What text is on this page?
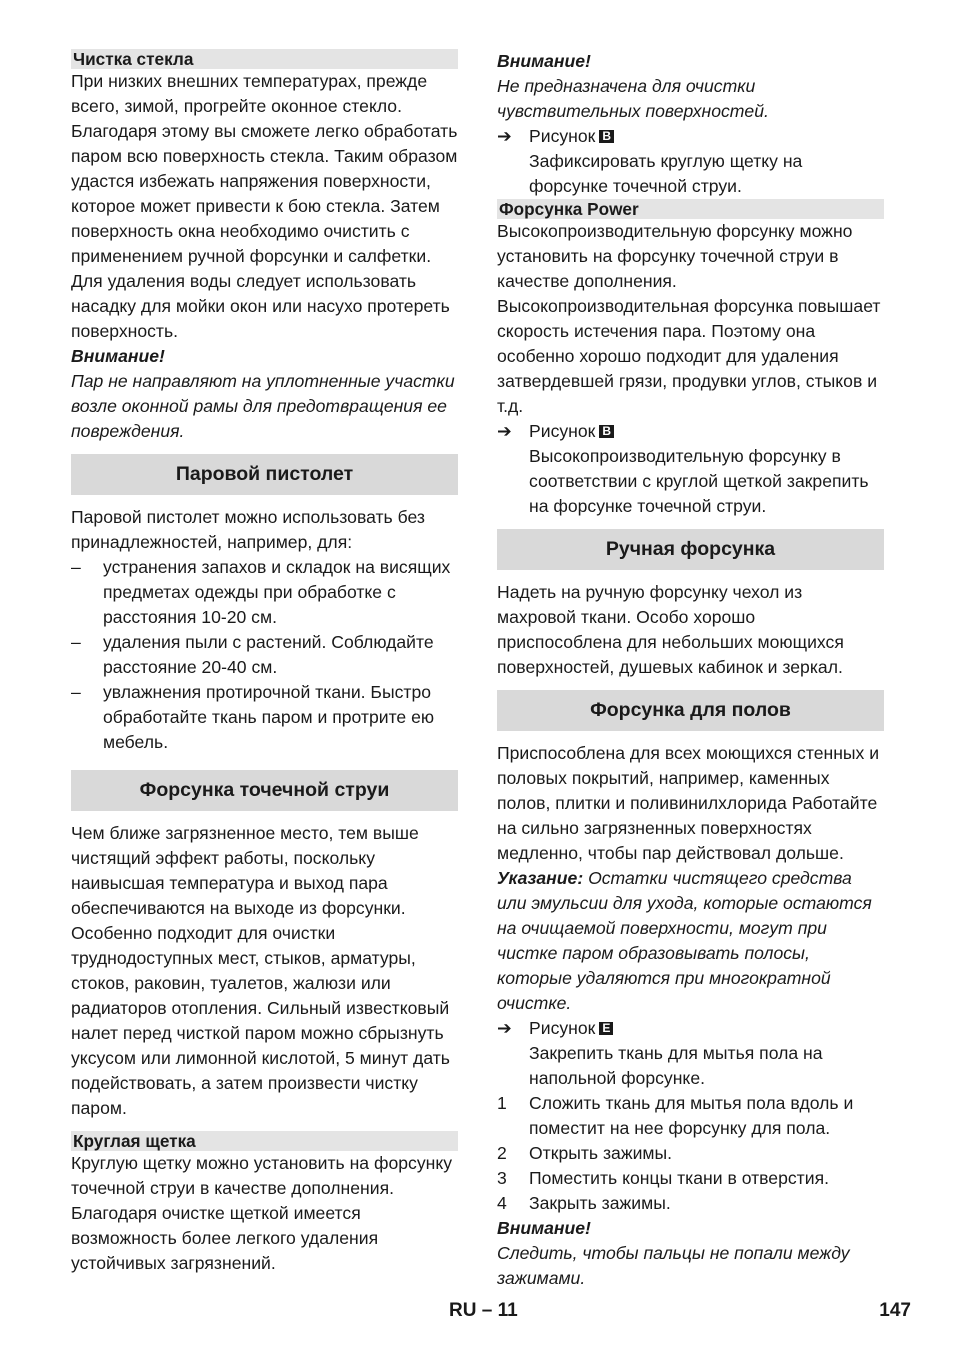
Чистка стекла

При низких внешних температурах, прежде всего, зимой, прогрейте оконное стекло. Благодаря этому вы сможете легко обработать паром всю поверхность стекла. Таким образом удастся избежать напряжения поверхности, которое может привести к бою стекла. Затем поверхность окна необходимо очистить с применением ручной форсунки и салфетки. Для удаления воды следует использовать насадку для мойки окон или насухо протереть поверхность.

Внимание!

Пар не направляют на уплотненные участки возле оконной рамы для предотвращения ее повреждения.

Паровой пистолет

Паровой пистолет можно использовать без принадлежностей, например, для:

–	устранения запахов и складок на висящих предметах одежды при обработке с расстояния 10-20 см.
–	удаления пыли с растений. Соблюдайте расстояние 20-40 см.
–	увлажнения протирочной ткани. Быстро обработайте ткань паром и протрите ею мебель.
Форсунка точечной струи

Чем ближе загрязненное место, тем выше чистящий эффект работы, поскольку наивысшая температура и выход пара обеспечиваются на выходе из форсунки. Особенно подходит для очистки труднодоступных мест, стыков, арматуры, стоков, раковин, туалетов, жалюзи или радиаторов отопления. Сильный известковый налет перед чисткой паром можно сбрызнуть уксусом или лимонной кислотой, 5 минут дать подействовать, а затем произвести чистку паром.

Круглая щетка

Круглую щетку можно установить на форсунку точечной струи в качестве дополнения. Благодаря очистке щеткой имеется возможность более легкого удаления устойчивых загрязнений.

Внимание!

Не предназначена для очистки чувствительных поверхностей.

➔ Рисунок B
Зафиксировать круглую щетку на форсунке точечной струи.
Форсунка Power

Высокопроизводительную форсунку можно установить на форсунку точечной струи в качестве дополнения.

Высокопроизводительная форсунка повышает скорость истечения пара. Поэтому она особенно хорошо подходит для удаления затвердевшей грязи, продувки углов, стыков и т.д.

➔ Рисунок B
Высокопроизводительную форсунку в соответствии с круглой щеткой закрепить на форсунке точечной струи.
Ручная форсунка

Надеть на ручную форсунку чехол из махровой ткани. Особо хорошо приспособлена для небольших моющихся поверхностей, душевых кабинок и зеркал.

Форсунка для полов

Приспособлена для всех моющихся стенных и половых покрытий, например, каменных полов, плитки и поливинилхлорида Работайте на сильно загрязненных поверхностях медленно, чтобы пар действовал дольше.

Указание: Остатки чистящего средства или эмульсии для ухода, которые остаются на очищаемой поверхности, могут при чистке паром образовывать полосы, которые удаляются при многократной очистке.

➔ Рисунок E
Закрепить ткань для мытья пола на напольной форсунке.
1	Сложить ткань для мытья пола вдоль и поместит на нее форсунку для пола.
2	Открыть зажимы.
3	Поместить концы ткани в отверстия.
4	Закрыть зажимы.

Внимание!

Следить, чтобы пальцы не попали между зажимами.

RU – 11	147
